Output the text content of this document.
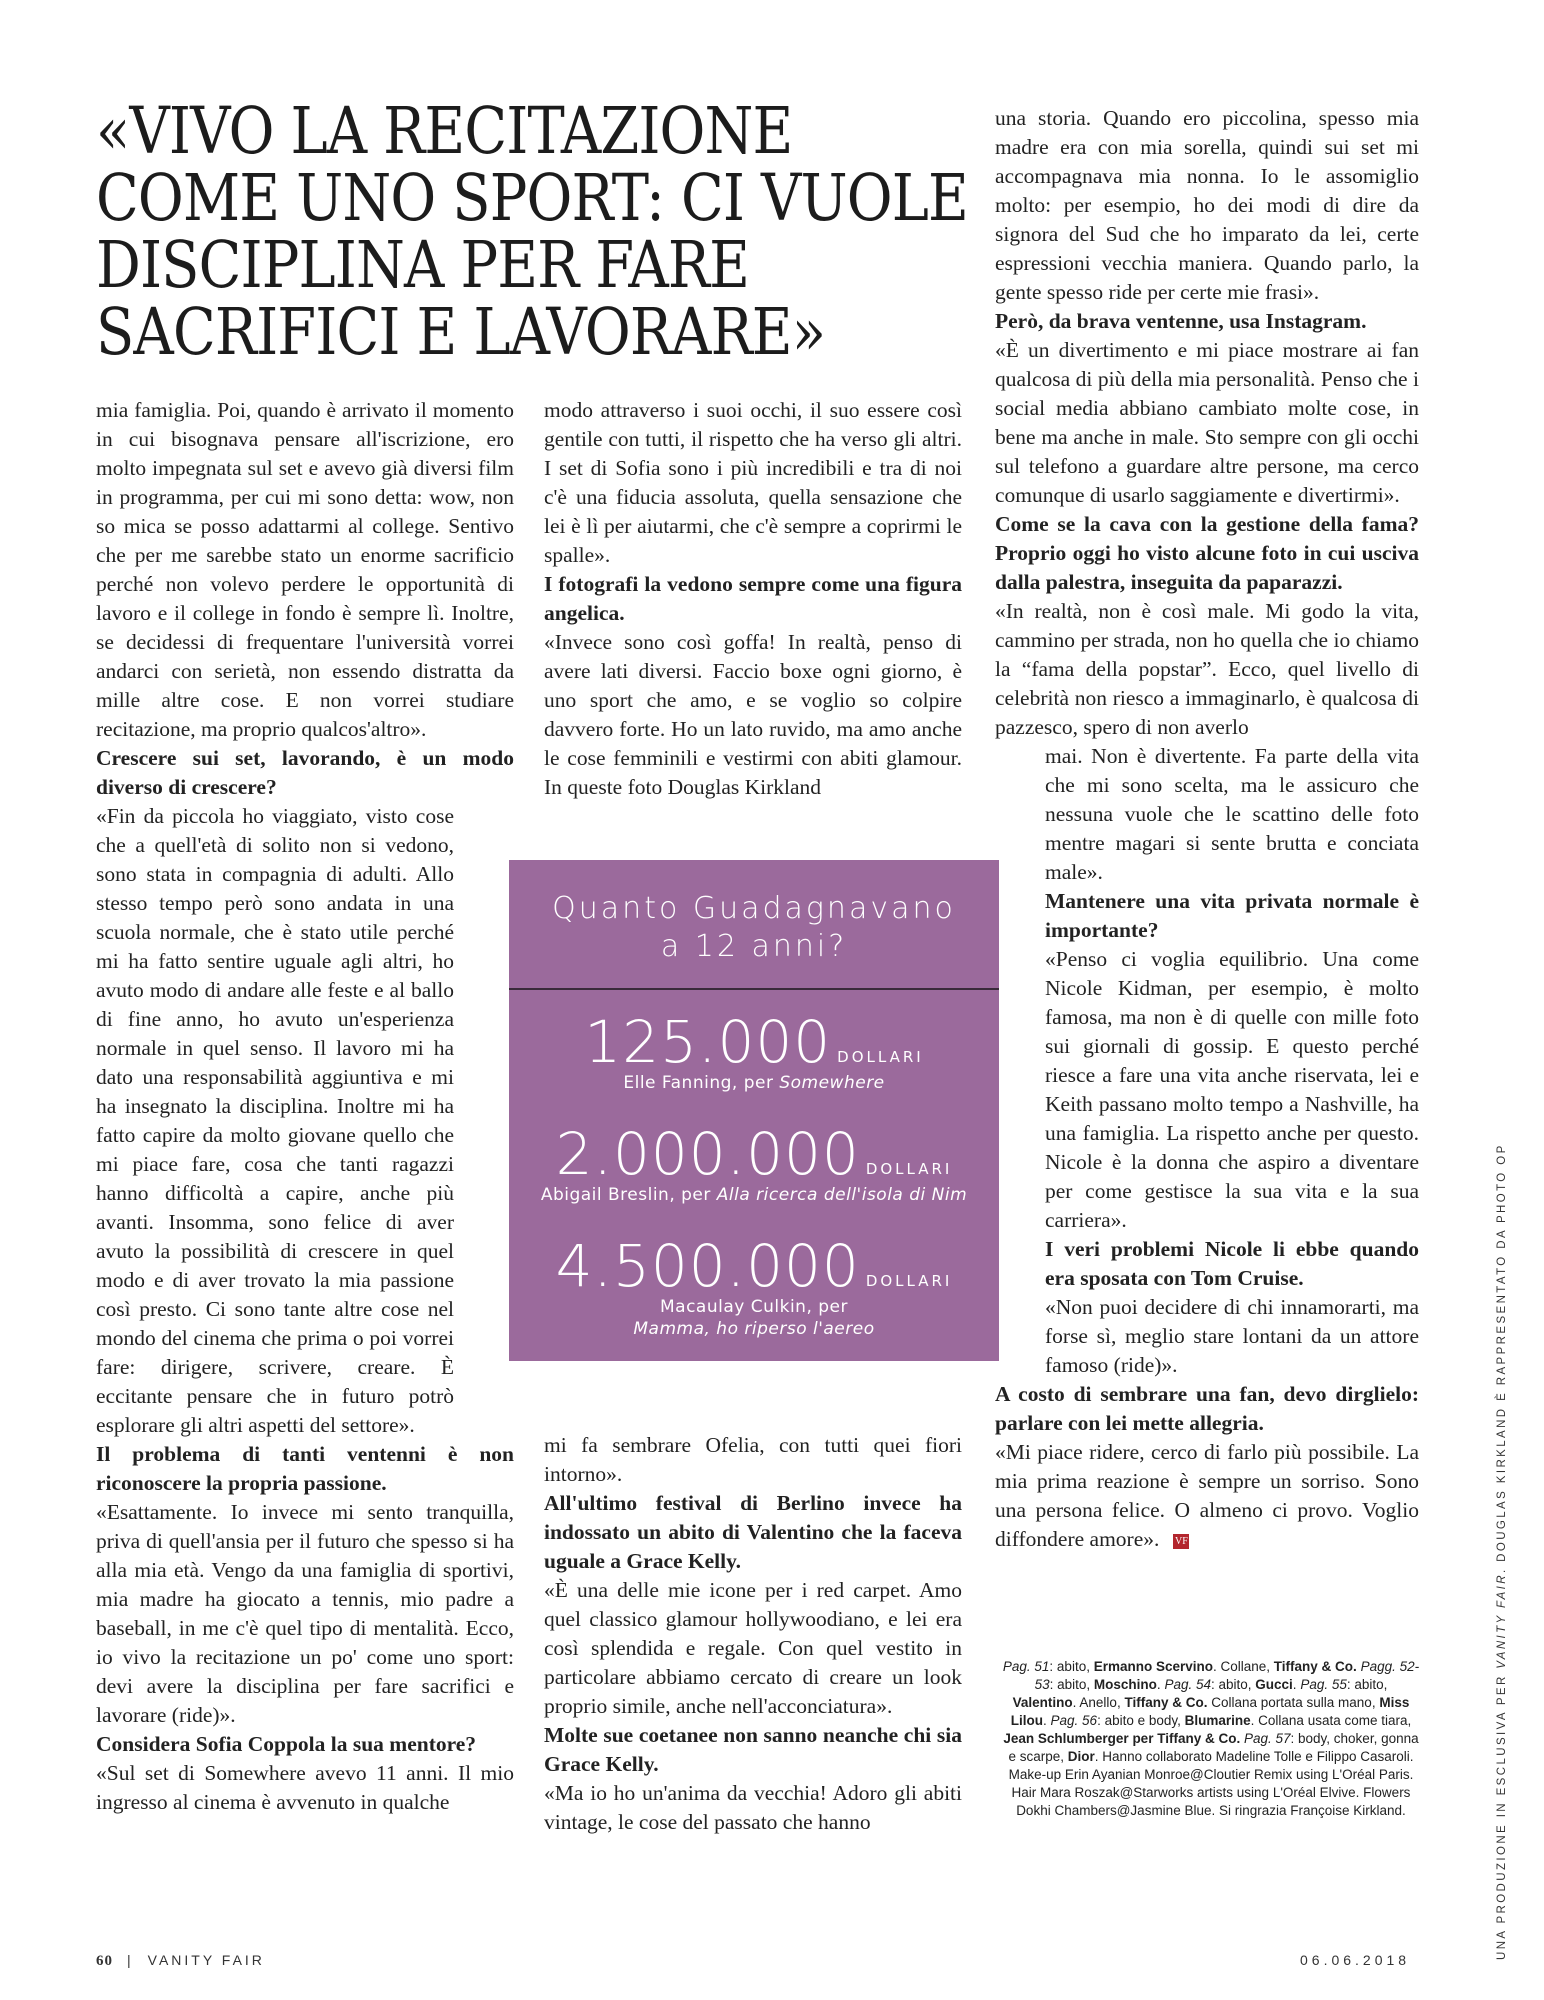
«VIVO LA RECITAZIONE
COME UNO SPORT: CI VUOLE
DISCIPLINA PER FARE
SACRIFICI E LAVORARE»

mia famiglia. Poi, quando è arrivato il momento in cui bisognava pensare all'iscrizione, ero molto impegnata sul set e avevo già diversi film in programma, per cui mi sono detta: wow, non so mica se posso adattarmi al college. Sentivo che per me sarebbe stato un enorme sacrificio perché non volevo perdere le opportunità di lavoro e il college in fondo è sempre lì. Inoltre, se decidessi di frequentare l'università vorrei andarci con serietà, non essendo distratta da mille altre cose. E non vorrei studiare recitazione, ma proprio qualcos'altro».

Crescere sui set, lavorando, è un modo diverso di crescere?

«Fin da piccola ho viaggiato, visto cose che a quell'età di solito non si vedono, sono stata in compagnia di adulti. Allo stesso tempo però sono andata in una scuola normale, che è stato utile perché mi ha fatto sentire uguale agli altri, ho avuto modo di andare alle feste e al ballo di fine anno, ho avuto un'esperienza normale in quel senso. Il lavoro mi ha dato una responsabilità aggiuntiva e mi ha insegnato la disciplina. Inoltre mi ha fatto capire da molto giovane quello che mi piace fare, cosa che tanti ragazzi hanno difficoltà a capire, anche più avanti. Insomma, sono felice di aver avuto la possibilità di crescere in quel modo e di aver trovato la mia passione così presto. Ci sono tante altre cose nel mondo del cinema che prima o poi vorrei fare: dirigere, scrivere, creare. È eccitante pensare che in futuro potrò esplorare gli altri aspetti del settore».

Il problema di tanti ventenni è non riconoscere la propria passione.

«Esattamente. Io invece mi sento tranquilla, priva di quell'ansia per il futuro che spesso si ha alla mia età. Vengo da una famiglia di sportivi, mia madre ha giocato a tennis, mio padre a baseball, in me c'è quel tipo di mentalità. Ecco, io vivo la recitazione un po' come uno sport: devi avere la disciplina per fare sacrifici e lavorare (ride)».

Considera Sofia Coppola la sua mentore?

«Sul set di Somewhere avevo 11 anni. Il mio ingresso al cinema è avvenuto in qualche

modo attraverso i suoi occhi, il suo essere così gentile con tutti, il rispetto che ha verso gli altri. I set di Sofia sono i più incredibili e tra di noi c'è una fiducia assoluta, quella sensazione che lei è lì per aiutarmi, che c'è sempre a coprirmi le spalle».

I fotografi la vedono sempre come una figura angelica.

«Invece sono così goffa! In realtà, penso di avere lati diversi. Faccio boxe ogni giorno, è uno sport che amo, e se voglio so colpire davvero forte. Ho un lato ruvido, ma amo anche le cose femminili e vestirmi con abiti glamour. In queste foto Douglas Kirkland

mi fa sembrare Ofelia, con tutti quei fiori intorno».

All'ultimo festival di Berlino invece ha indossato un abito di Valentino che la faceva uguale a Grace Kelly.

«È una delle mie icone per i red carpet. Amo quel classico glamour hollywoodiano, e lei era così splendida e regale. Con quel vestito in particolare abbiamo cercato di creare un look proprio simile, anche nell'acconciatura».

Molte sue coetanee non sanno neanche chi sia Grace Kelly.

«Ma io ho un'anima da vecchia! Adoro gli abiti vintage, le cose del passato che hanno

una storia. Quando ero piccolina, spesso mia madre era con mia sorella, quindi sui set mi accompagnava mia nonna. Io le assomiglio molto: per esempio, ho dei modi di dire da signora del Sud che ho imparato da lei, certe espressioni vecchia maniera. Quando parlo, la gente spesso ride per certe mie frasi».

Però, da brava ventenne, usa Instagram.

«È un divertimento e mi piace mostrare ai fan qualcosa di più della mia personalità. Penso che i social media abbiano cambiato molte cose, in bene ma anche in male. Sto sempre con gli occhi sul telefono a guardare altre persone, ma cerco comunque di usarlo saggiamente e divertirmi».

Come se la cava con la gestione della fama? Proprio oggi ho visto alcune foto in cui usciva dalla palestra, inseguita da paparazzi.

«In realtà, non è così male. Mi godo la vita, cammino per strada, non ho quella che io chiamo la “fama della popstar”. Ecco, quel livello di celebrità non riesco a immaginarlo, è qualcosa di pazzesco, spero di non averlo

mai. Non è divertente. Fa parte della vita che mi sono scelta, ma le assicuro che nessuna vuole che le scattino delle foto mentre magari si sente brutta e conciata male».

Mantenere una vita privata normale è importante?

«Penso ci voglia equilibrio. Una come Nicole Kidman, per esempio, è molto famosa, ma non è di quelle con mille foto sui giornali di gossip. E questo perché riesce a fare una vita anche riservata, lei e Keith passano molto tempo a Nashville, ha una famiglia. La rispetto anche per questo. Nicole è la donna che aspiro a diventare per come gestisce la sua vita e la sua carriera».

I veri problemi Nicole li ebbe quando era sposata con Tom Cruise.

«Non puoi decidere di chi innamorarti, ma forse sì, meglio stare lontani da un attore famoso (ride)».

A costo di sembrare una fan, devo dirglielo: parlare con lei mette allegria.

«Mi piace ridere, cerco di farlo più possibile. La mia prima reazione è sempre un sorriso. Sono una persona felice. O almeno ci provo. Voglio diffondere amore». VF

Quanto Guadagnavano
a 12 anni?
125.000 DOLLARI
Elle Fanning, per Somewhere
2.000.000 DOLLARI
Abigail Breslin, per Alla ricerca dell'isola di Nim
4.500.000 DOLLARI
Macaulay Culkin, per
Mamma, ho riperso l'aereo
Pag. 51: abito, Ermanno Scervino. Collane, Tiffany & Co. Pagg. 52-53: abito, Moschino. Pag. 54: abito, Gucci. Pag. 55: abito, Valentino. Anello, Tiffany & Co. Collana portata sulla mano, Miss Lilou. Pag. 56: abito e body, Blumarine. Collana usata come tiara, Jean Schlumberger per Tiffany & Co. Pag. 57: body, choker, gonna e scarpe, Dior. Hanno collaborato Madeline Tolle e Filippo Casaroli. Make-up Erin Ayanian Monroe@Cloutier Remix using L'Oréal Paris. Hair Mara Roszak@Starworks artists using L'Oréal Elvive. Flowers Dokhi Chambers@Jasmine Blue. Si ringrazia Françoise Kirkland.
60 | VANITY FAIR	06.06.2018	UNA PRODUZIONE IN ESCLUSIVA PER VANITY FAIR. DOUGLAS KIRKLAND È RAPPRESENTATO DA PHOTO OP
